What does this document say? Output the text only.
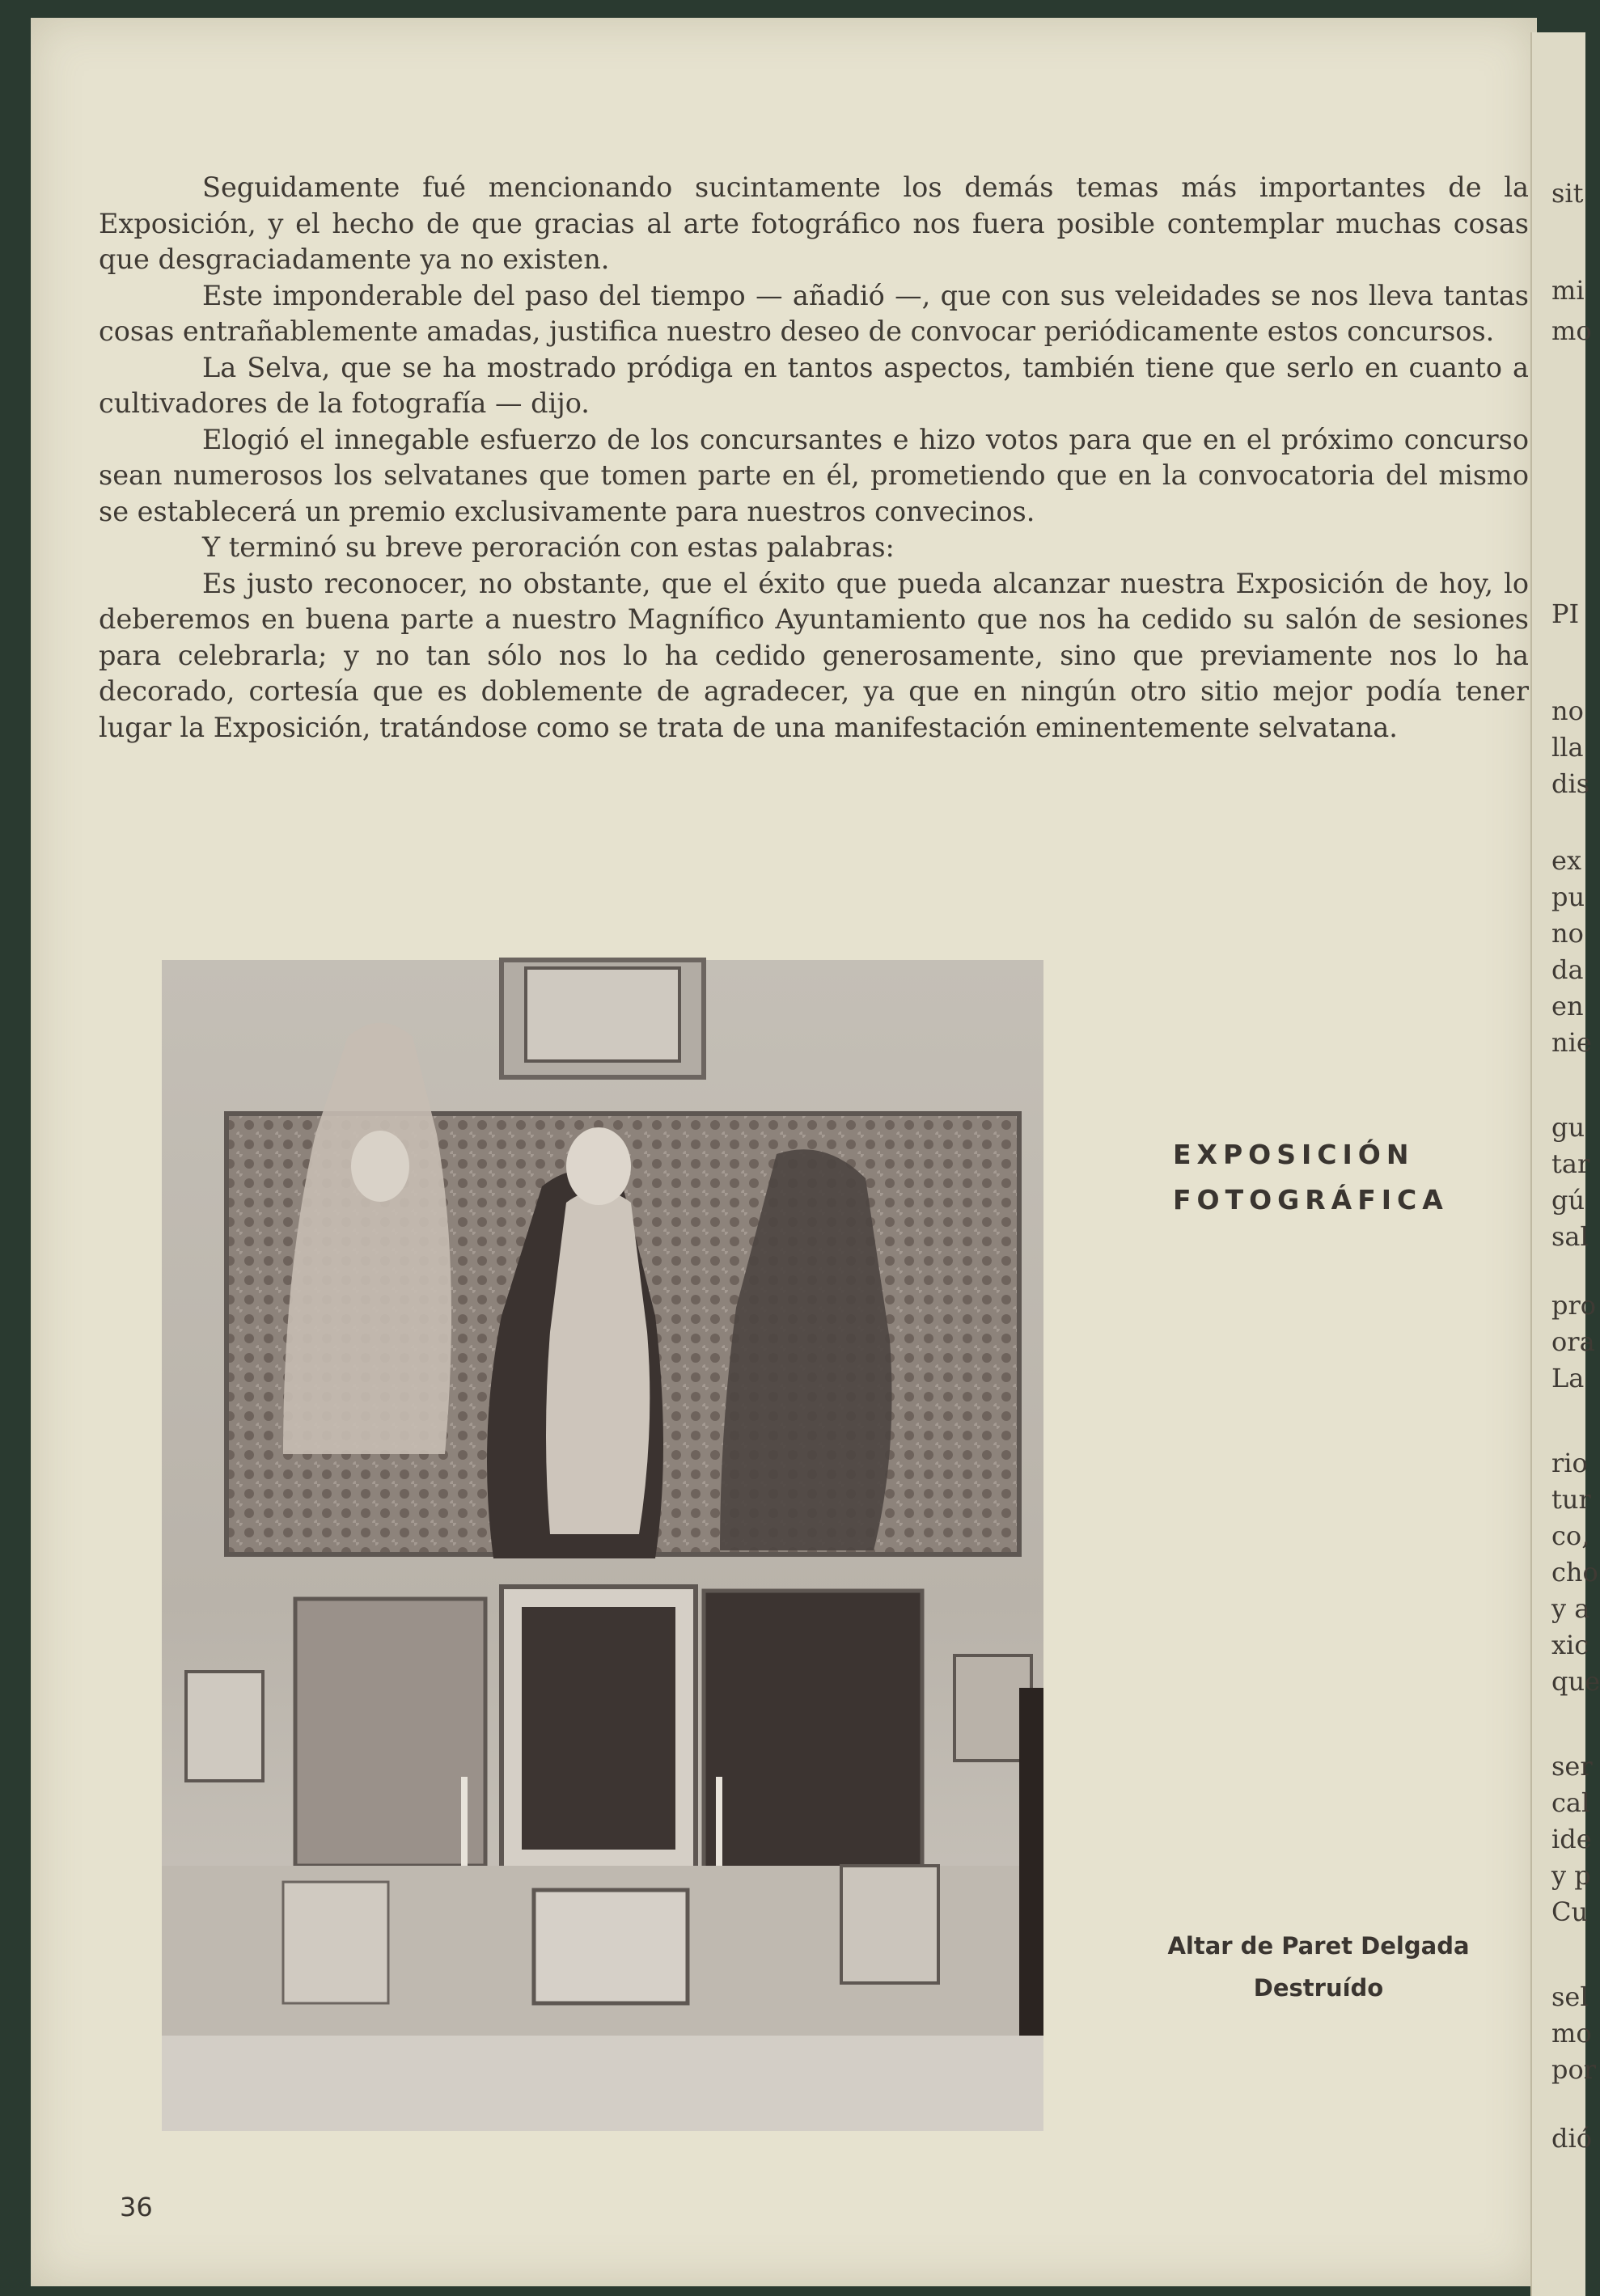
Seguidamente fué mencionando sucintamente los demás temas más importantes de la Exposición, y el hecho de que gracias al arte fotográfico nos fuera posible contemplar muchas cosas que desgraciadamente ya no existen.

Este imponderable del paso del tiempo — añadió —, que con sus veleidades se nos lleva tantas cosas entrañablemente amadas, justifica nuestro deseo de convocar periódicamente estos concursos.

La Selva, que se ha mostrado pródiga en tantos aspectos, también tiene que serlo en cuanto a cultivadores de la fotografía — dijo.

Elogió el innegable esfuerzo de los concursantes e hizo votos para que en el próximo concurso sean numerosos los selvatanes que tomen parte en él, prometiendo que en la convocatoria del mismo se establecerá un premio exclusivamente para nuestros convecinos.

Y terminó su breve peroración con estas palabras:

Es justo reconocer, no obstante, que el éxito que pueda alcanzar nuestra Exposición de hoy, lo deberemos en buena parte a nuestro Magnífico Ayuntamiento que nos ha cedido su salón de sesiones para celebrarla; y no tan sólo nos lo ha cedido generosamente, sino que previamente nos lo ha decorado, cortesía que es doblemente de agradecer, ya que en ningún otro sitio mejor podía tener lugar la Exposición, tratándose como se trata de una manifestación eminentemente selvatana.

EXPOSICIÓN
FOTOGRÁFICA
Altar de Paret Delgada
Destruído
36
sit
mi
mo
PI
no
lla
dis
ex
pu
no
da
en
nie
gu
tar
gú
sal
pro
ora
La
rio
tur
co,
cho
y a
xic
que
ser
cal
ide
y p
Cu
sel
mo
por
dió
